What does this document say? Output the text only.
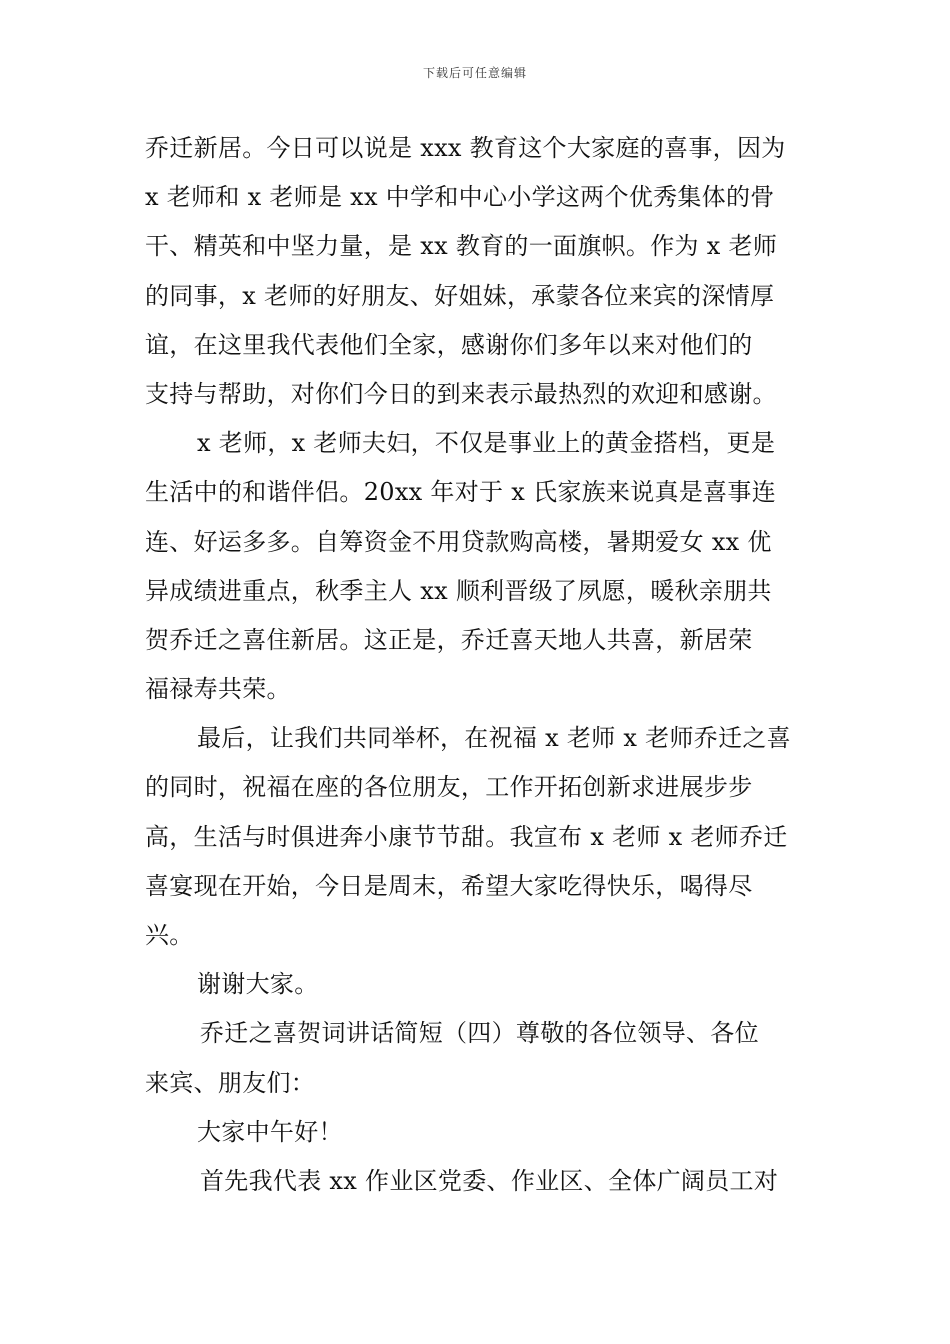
下载后可任意编辑
乔迁新居。今日可以说是 xxx 教育这个大家庭的喜事，因为
x 老师和 x 老师是 xx 中学和中心小学这两个优秀集体的骨
干、精英和中坚力量，是 xx 教育的一面旗帜。作为 x 老师
的同事，x 老师的好朋友、好姐妹，承蒙各位来宾的深情厚
谊，在这里我代表他们全家，感谢你们多年以来对他们的
支持与帮助，对你们今日的到来表示最热烈的欢迎和感谢。
x 老师，x 老师夫妇，不仅是事业上的黄金搭档，更是
生活中的和谐伴侣。20xx 年对于 x 氏家族来说真是喜事连
连、好运多多。自筹资金不用贷款购高楼，暑期爱女 xx 优
异成绩进重点，秋季主人 xx 顺利晋级了夙愿，暖秋亲朋共
贺乔迁之喜住新居。这正是，乔迁喜天地人共喜，新居荣
福禄寿共荣。
最后，让我们共同举杯，在祝福 x 老师 x 老师乔迁之喜
的同时，祝福在座的各位朋友，工作开拓创新求进展步步
高，生活与时俱进奔小康节节甜。我宣布 x 老师 x 老师乔迁
喜宴现在开始，今日是周末，希望大家吃得快乐，喝得尽
兴。
谢谢大家。
乔迁之喜贺词讲话简短（四）尊敬的各位领导、各位
来宾、朋友们：
大家中午好！
首先我代表 xx 作业区党委、作业区、全体广阔员工对
